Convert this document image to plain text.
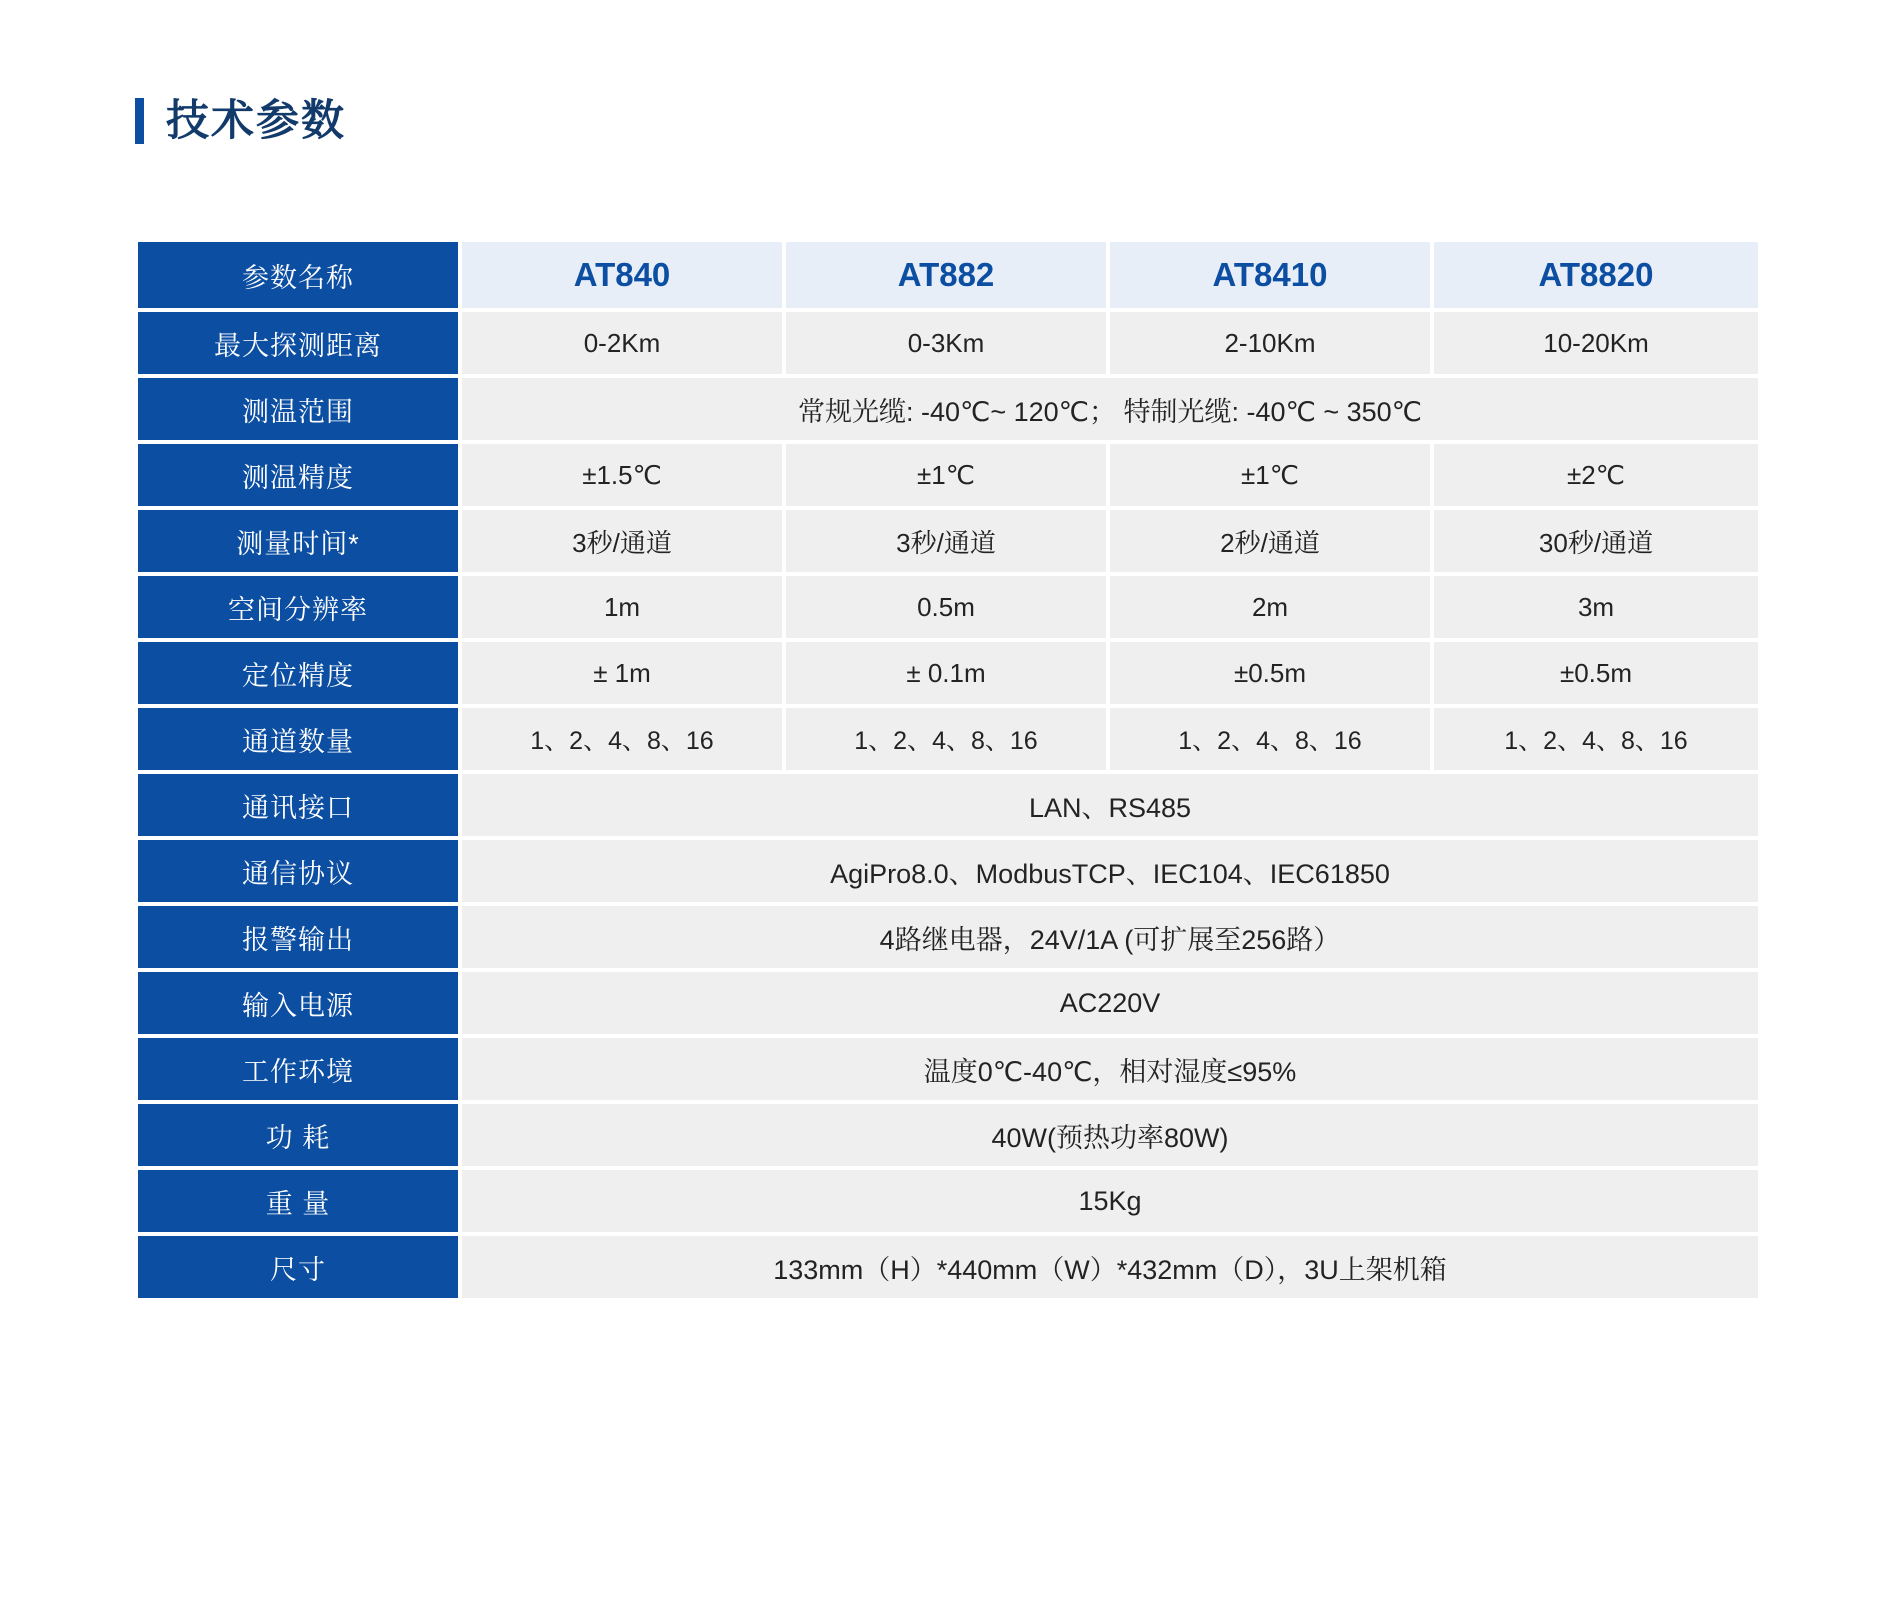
技术参数
参数名称	AT840	AT882	AT8410	AT8820
最大探测距离	0-2Km	0-3Km	2-10Km	10-20Km
测温范围	常规光缆: -40℃~ 120℃； 特制光缆: -40℃ ~ 350℃			
测温精度	±1.5℃	±1℃	±1℃	±2℃
测量时间*	3秒/通道	3秒/通道	2秒/通道	30秒/通道
空间分辨率	1m	0.5m	2m	3m
定位精度	± 1m	± 0.1m	±0.5m	±0.5m
通道数量	1、2、4、8、16	1、2、4、8、16	1、2、4、8、16	1、2、4、8、16
通讯接口	LAN、RS485			
通信协议	AgiPro8.0、ModbusTCP、IEC104、IEC61850			
报警输出	4路继电器，24V/1A (可扩展至256路）			
输入电源	AC220V			
工作环境	温度0℃-40℃，相对湿度≤95%			
功 耗	40W(预热功率80W)			
重 量	15Kg			
尺寸	133mm（H）*440mm（W）*432mm（D），3U上架机箱			
